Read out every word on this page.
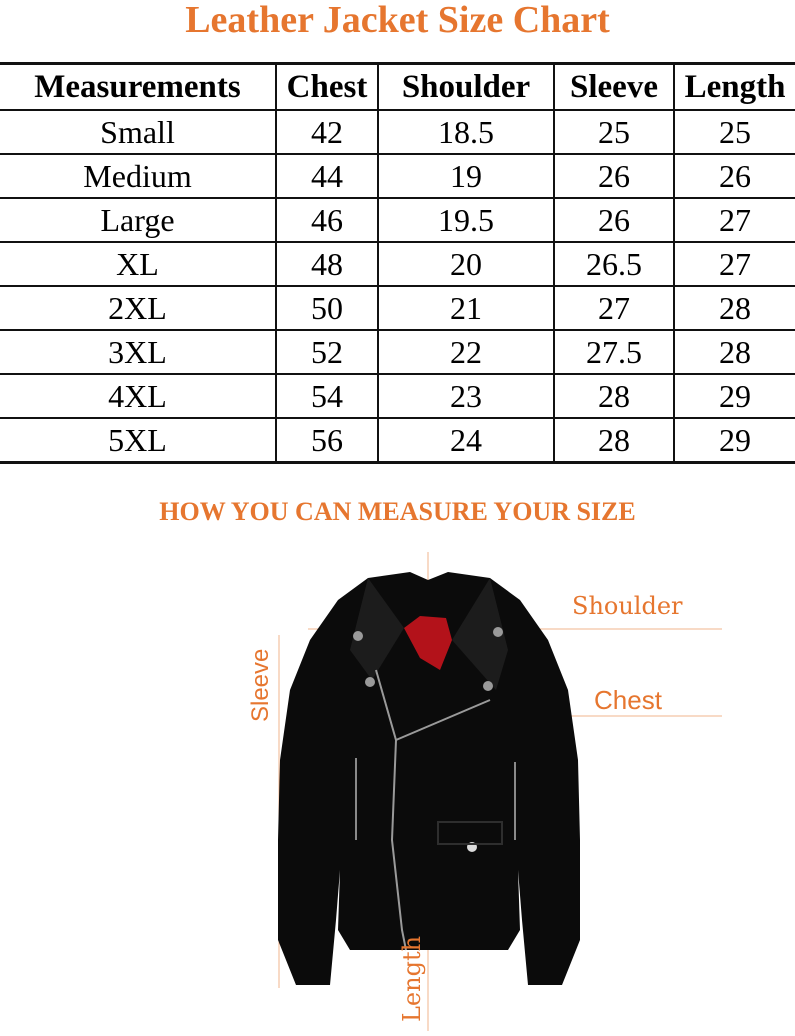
Leather Jacket Size Chart
Measurements	Chest	Shoulder	Sleeve	Length
Small	42	18.5	25	25
Medium	44	19	26	26
Large	46	19.5	26	27
XL	48	20	26.5	27
2XL	50	21	27	28
3XL	52	22	27.5	28
4XL	54	23	28	29
5XL	56	24	28	29
HOW YOU CAN MEASURE YOUR SIZE
Shoulder
Chest
Sleeve
Length
